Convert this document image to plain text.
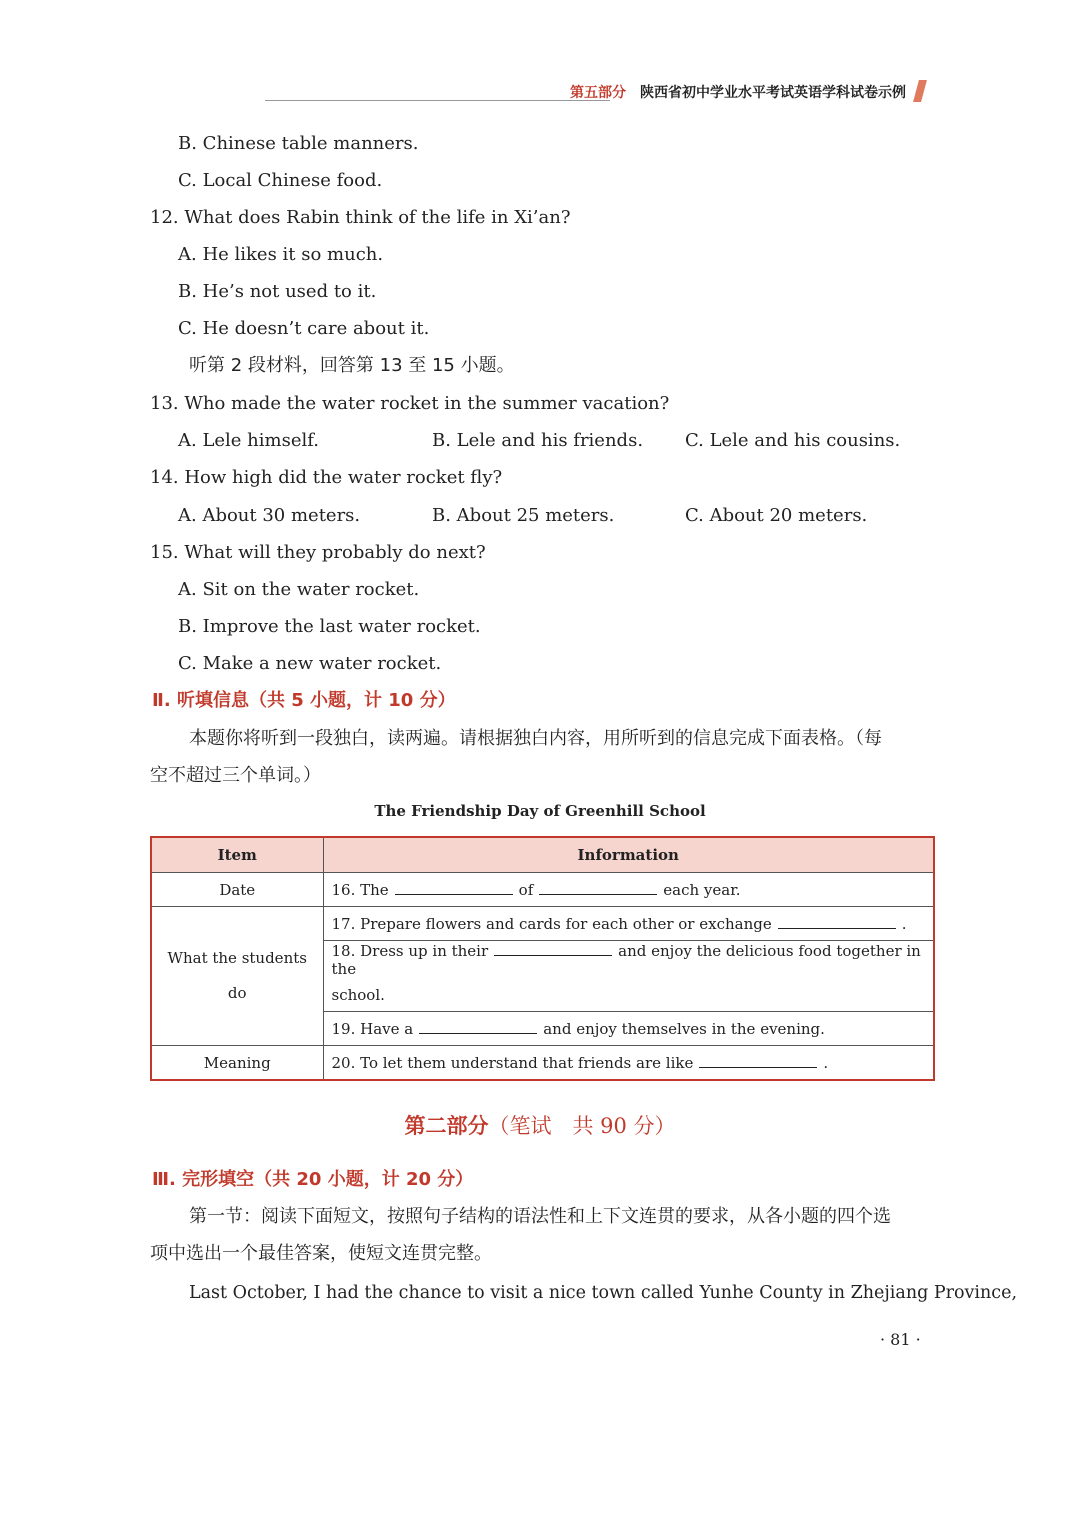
第五部分 陕西省初中学业水平考试英语学科试卷示例
B. Chinese table manners.
C. Local Chinese food.
12. What does Rabin think of the life in Xi’an?
A. He likes it so much.
B. He’s not used to it.
C. He doesn’t care about it.
听第 2 段材料，回答第 13 至 15 小题。
13. Who made the water rocket in the summer vacation?
A. Lele himself.	B. Lele and his friends. C. Lele and his cousins.
14. How high did the water rocket fly?
A. About 30 meters.	B. About 25 meters.	C. About 20 meters.
15. What will they probably do next?
A. Sit on the water rocket.
B. Improve the last water rocket.
C. Make a new water rocket.
Ⅱ. 听填信息（共 5 小题，计 10 分）
本题你将听到一段独白，读两遍。请根据独白内容，用所听到的信息完成下面表格。（每
空不超过三个单词。）
The Friendship Day of Greenhill School
Item	Information
Date	16. The of each year.
What the students do	17. Prepare flowers and cards for each other or exchange .
	18. Dress up in their and enjoy the delicious food together in the
	school.
	19. Have a and enjoy themselves in the evening.
Meaning	20. To let them understand that friends are like .
第二部分（笔试　共 90 分）
Ⅲ. 完形填空（共 20 小题，计 20 分）
第一节：阅读下面短文，按照句子结构的语法性和上下文连贯的要求，从各小题的四个选
项中选出一个最佳答案，使短文连贯完整。
Last October, I had the chance to visit a nice town called Yunhe County in Zhejiang Province,
· 81 ·
